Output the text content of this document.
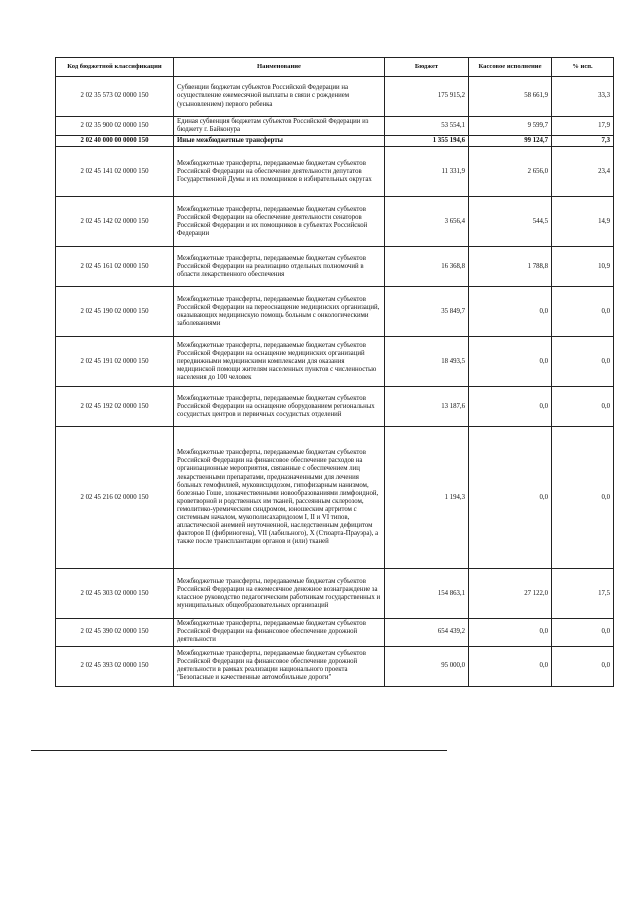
Код бюджетной классификации	Наименование	Бюджет	Кассовое исполнение	% исп.
2 02 35 573 02 0000 150	Субвенции бюджетам субъектов Российской Федерации на осуществление ежемесячной выплаты в связи с рождением (усыновлением) первого ребенка	175 915,2	58 661,9	33,3
2 02 35 900 02 0000 150	Единая субвенция бюджетам субъектов Российской Федерации из бюджету г. Байконура	53 554,1	9 599,7	17,9
2 02 40 000 00 0000 150	Иные межбюджетные трансферты	1 355 194,6	99 124,7	7,3
2 02 45 141 02 0000 150	Межбюджетные трансферты, передаваемые бюджетам субъектов Российской Федерации на обеспечение деятельности депутатов Государственной Думы и их помощников в избирательных округах	11 331,9	2 656,0	23,4
2 02 45 142 02 0000 150	Межбюджетные трансферты, передаваемые бюджетам субъектов Российской Федерации на обеспечение деятельности сенаторов Российской Федерации и их помощников в субъектах Российской Федерации	3 656,4	544,5	14,9
2 02 45 161 02 0000 150	Межбюджетные трансферты, передаваемые бюджетам субъектов Российской Федерации на реализацию отдельных полномочий в области лекарственного обеспечения	16 368,8	1 788,8	10,9
2 02 45 190 02 0000 150	Межбюджетные трансферты, передаваемые бюджетам субъектов Российской Федерации на переоснащение медицинских организаций, оказывающих медицинскую помощь больным с онкологическими заболеваниями	35 849,7	0,0	0,0
2 02 45 191 02 0000 150	Межбюджетные трансферты, передаваемые бюджетам субъектов Российской Федерации на оснащение медицинских организаций передвижными медицинскими комплексами для оказания медицинской помощи жителям населенных пунктов с численностью населения до 100 человек	18 493,5	0,0	0,0
2 02 45 192 02 0000 150	Межбюджетные трансферты, передаваемые бюджетам субъектов Российской Федерации на оснащение оборудованием региональных сосудистых центров и первичных сосудистых отделений	13 187,6	0,0	0,0
2 02 45 216 02 0000 150	Межбюджетные трансферты, передаваемые бюджетам субъектов Российской Федерации на финансовое обеспечение расходов на организационные мероприятия, связанные с обеспечением лиц лекарственными препаратами, предназначенными для лечения больных гемофилией, муковисцидозом, гипофизарным нанизмом, болезнью Гоше, злокачественными новообразованиями лимфоидной, кроветворной и родственных им тканей, рассеянным склерозом, гемолитико-уремическим синдромом, юношеским артритом с системным началом, мукополисахаридозом I, II и VI типов, апластической анемией неуточненной, наследственным дефицитом факторов II (фибриногена), VII (лабильного), X (Стюарта-Прауэра), а также после трансплантации органов и (или) тканей	1 194,3	0,0	0,0
2 02 45 303 02 0000 150	Межбюджетные трансферты, передаваемые бюджетам субъектов Российской Федерации на ежемесячное денежное вознаграждение за классное руководство педагогическим работникам государственных и муниципальных общеобразовательных организаций	154 863,1	27 122,0	17,5
2 02 45 390 02 0000 150	Межбюджетные трансферты, передаваемые бюджетам субъектов Российской Федерации на финансовое обеспечение дорожной деятельности	654 439,2	0,0	0,0
2 02 45 393 02 0000 150	Межбюджетные трансферты, передаваемые бюджетам субъектов Российской Федерации на финансовое обеспечение дорожной деятельности в рамках реализации национального проекта "Безопасные и качественные автомобильные дороги"	95 000,0	0,0	0,0
